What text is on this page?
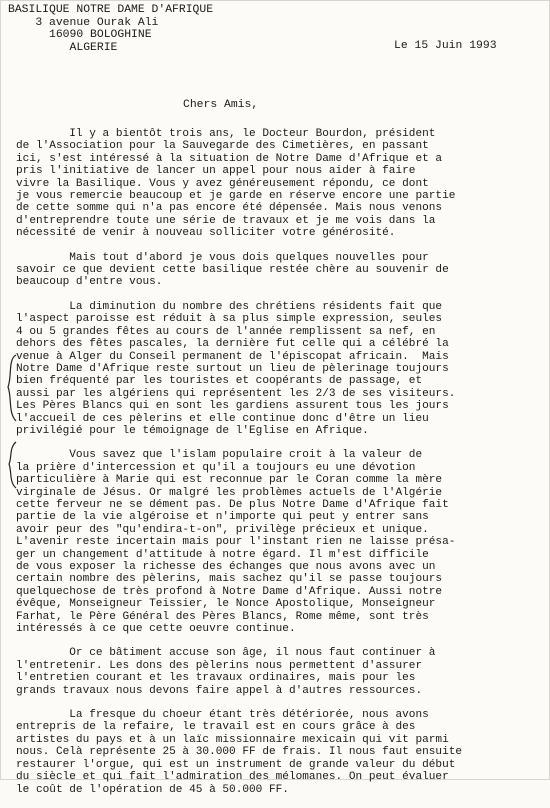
BASILIQUE NOTRE DAME D'AFRIQUE
3 avenue Ourak Ali
16090 BOLOGHINE
ALGERIE	Le 15 Juin 1993
Chers Amis,
Il y a bientôt trois ans, le Docteur Bourdon, président
de l'Association pour la Sauvegarde des Cimetières, en passant
ici, s'est intéressé à la situation de Notre Dame d'Afrique et a
pris l'initiative de lancer un appel pour nous aider à faire
vivre la Basilique. Vous y avez généreusement répondu, ce dont
je vous remercie beaucoup et je garde en réserve encore une partie
de cette somme qui n'a pas encore été dépensée. Mais nous venons
d'entreprendre toute une série de travaux et je me vois dans la
nécessité de venir à nouveau solliciter votre générosité.
Mais tout d'abord je vous dois quelques nouvelles pour
savoir ce que devient cette basilique restée chère au souvenir de
beaucoup d'entre vous.
La diminution du nombre des chrétiens résidents fait que
l'aspect paroisse est réduit à sa plus simple expression, seules
4 ou 5 grandes fêtes au cours de l'année remplissent sa nef, en
dehors des fêtes pascales, la dernière fut celle qui a célébré la
venue à Alger du Conseil permanent de l'épiscopat africain.  Mais
Notre Dame d'Afrique reste surtout un lieu de pèlerinage toujours
bien fréquenté par les touristes et coopérants de passage, et
aussi par les algériens qui représentent les 2/3 de ses visiteurs.
Les Pères Blancs qui en sont les gardiens assurent tous les jours
l'accueil de ces pèlerins et elle continue donc d'être un lieu
privilégié pour le témoignage de l'Eglise en Afrique.
Vous savez que l'islam populaire croit à la valeur de
la prière d'intercession et qu'il a toujours eu une dévotion
particulière à Marie qui est reconnue par le Coran comme la mère
virginale de Jésus. Or malgré les problèmes actuels de l'Algérie
cette ferveur ne se dément pas. De plus Notre Dame d'Afrique fait
partie de la vie algéroise et n'importe qui peut y entrer sans
avoir peur des "qu'endira-t-on", privilège précieux et unique.
L'avenir reste incertain mais pour l'instant rien ne laisse présa-
ger un changement d'attitude à notre égard. Il m'est difficile
de vous exposer la richesse des échanges que nous avons avec un
certain nombre des pèlerins, mais sachez qu'il se passe toujours
quelquechose de très profond à Notre Dame d'Afrique. Aussi notre
évêque, Monseigneur Teissier, le Nonce Apostolique, Monseigneur
Farhat, le Père Général des Pères Blancs, Rome même, sont très
intéressés à ce que cette oeuvre continue.
Or ce bâtiment accuse son âge, il nous faut continuer à
l'entretenir. Les dons des pèlerins nous permettent d'assurer
l'entretien courant et les travaux ordinaires, mais pour les
grands travaux nous devons faire appel à d'autres ressources.
La fresque du choeur étant très détériorée, nous avons
entrepris de la refaire, le travail est en cours grâce à des
artistes du pays et à un laïc missionnaire mexicain qui vit parmi
nous. Celà représente 25 à 30.000 FF de frais. Il nous faut ensuite
restaurer l'orgue, qui est un instrument de grande valeur du début
du siècle et qui fait l'admiration des mélomanes. On peut évaluer
le coût de l'opération de 45 à 50.000 FF.
